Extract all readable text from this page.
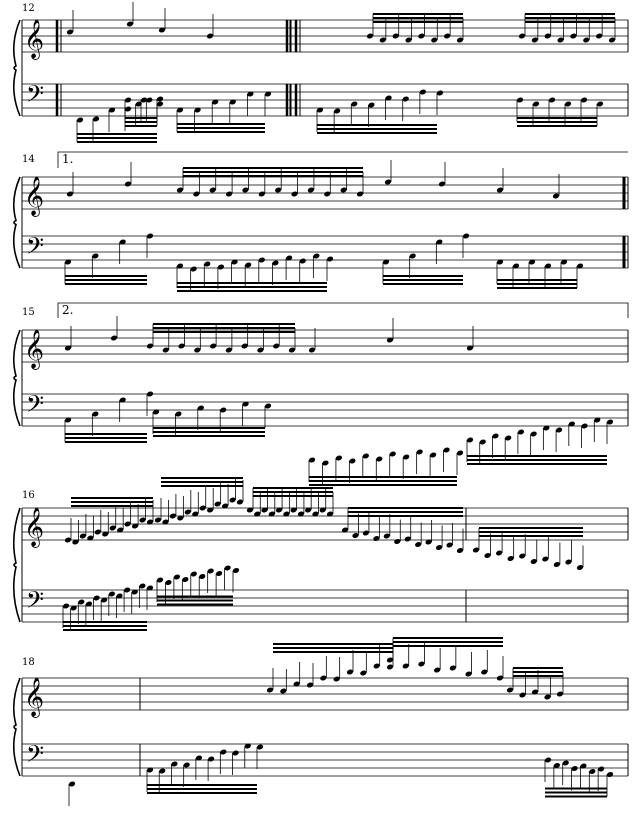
12
14
15
16
18
1.
2.
𝄞
𝄢
𝄞
𝄢
𝄞
𝄢
𝄞
𝄢
𝄞
𝄢
